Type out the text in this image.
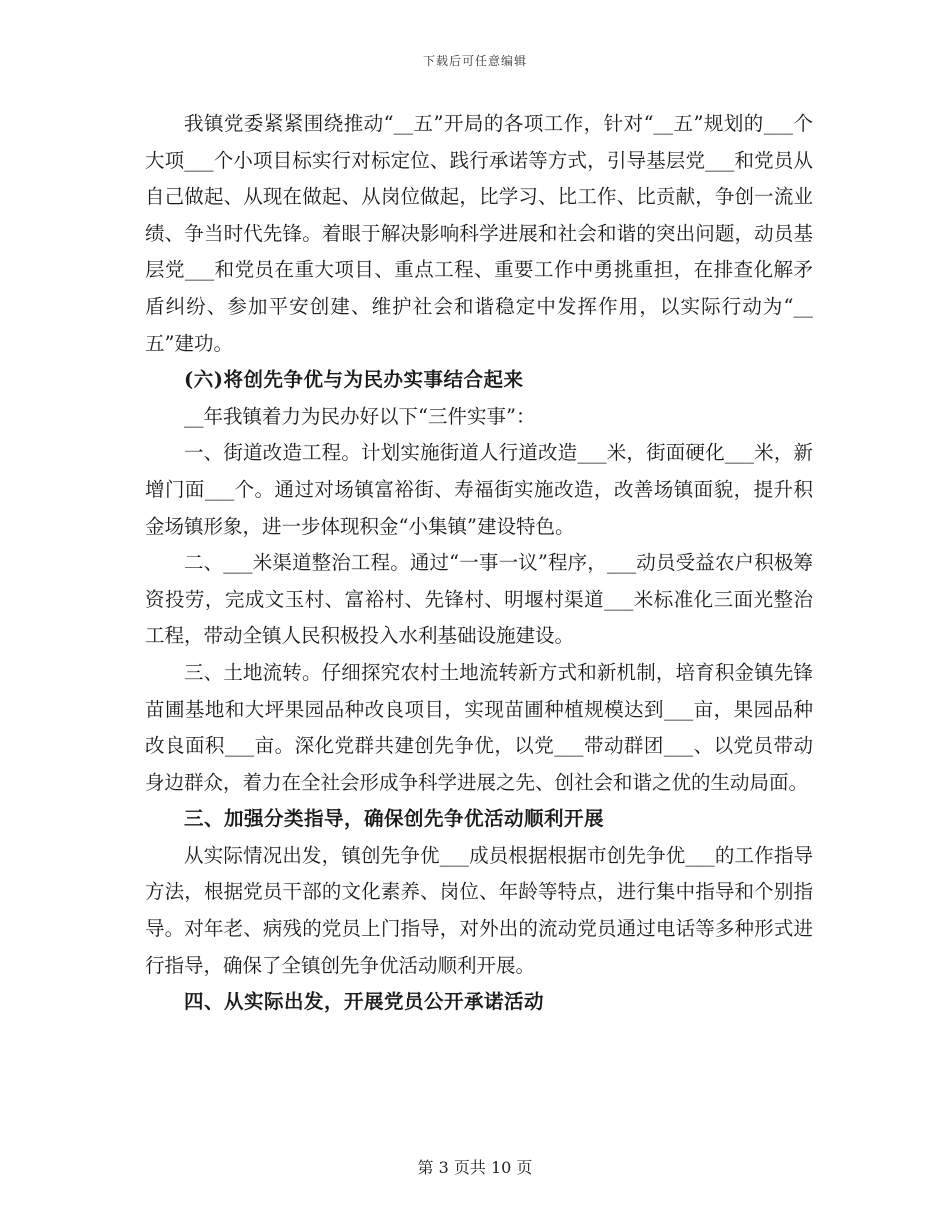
下载后可任意编辑

我镇党委紧紧围绕推动“__五”开局的各项工作，针对“__五”规划的___个大项___个小项目标实行对标定位、践行承诺等方式，引导基层党___和党员从自己做起、从现在做起、从岗位做起，比学习、比工作、比贡献，争创一流业绩、争当时代先锋。着眼于解决影响科学进展和社会和谐的突出问题，动员基层党___和党员在重大项目、重点工程、重要工作中勇挑重担，在排查化解矛盾纠纷、参加平安创建、维护社会和谐稳定中发挥作用，以实际行动为“__五”建功。

(六)将创先争优与为民办实事结合起来

__年我镇着力为民办好以下“三件实事”：

一、街道改造工程。计划实施街道人行道改造___米，街面硬化___米，新增门面___个。通过对场镇富裕街、寿福街实施改造，改善场镇面貌，提升积金场镇形象，进一步体现积金“小集镇”建设特色。

二、___米渠道整治工程。通过“一事一议”程序，___动员受益农户积极筹资投劳，完成文玉村、富裕村、先锋村、明堰村渠道___米标准化三面光整治工程，带动全镇人民积极投入水利基础设施建设。

三、土地流转。仔细探究农村土地流转新方式和新机制，培育积金镇先锋苗圃基地和大坪果园品种改良项目，实现苗圃种植规模达到___亩，果园品种改良面积___亩。深化党群共建创先争优，以党___带动群团___、以党员带动身边群众，着力在全社会形成争科学进展之先、创社会和谐之优的生动局面。

三、加强分类指导，确保创先争优活动顺利开展

从实际情况出发，镇创先争优___成员根据根据市创先争优___的工作指导方法，根据党员干部的文化素养、岗位、年龄等特点，进行集中指导和个别指导。对年老、病残的党员上门指导，对外出的流动党员通过电话等多种形式进行指导，确保了全镇创先争优活动顺利开展。

四、从实际出发，开展党员公开承诺活动

第 3 页共 10 页
